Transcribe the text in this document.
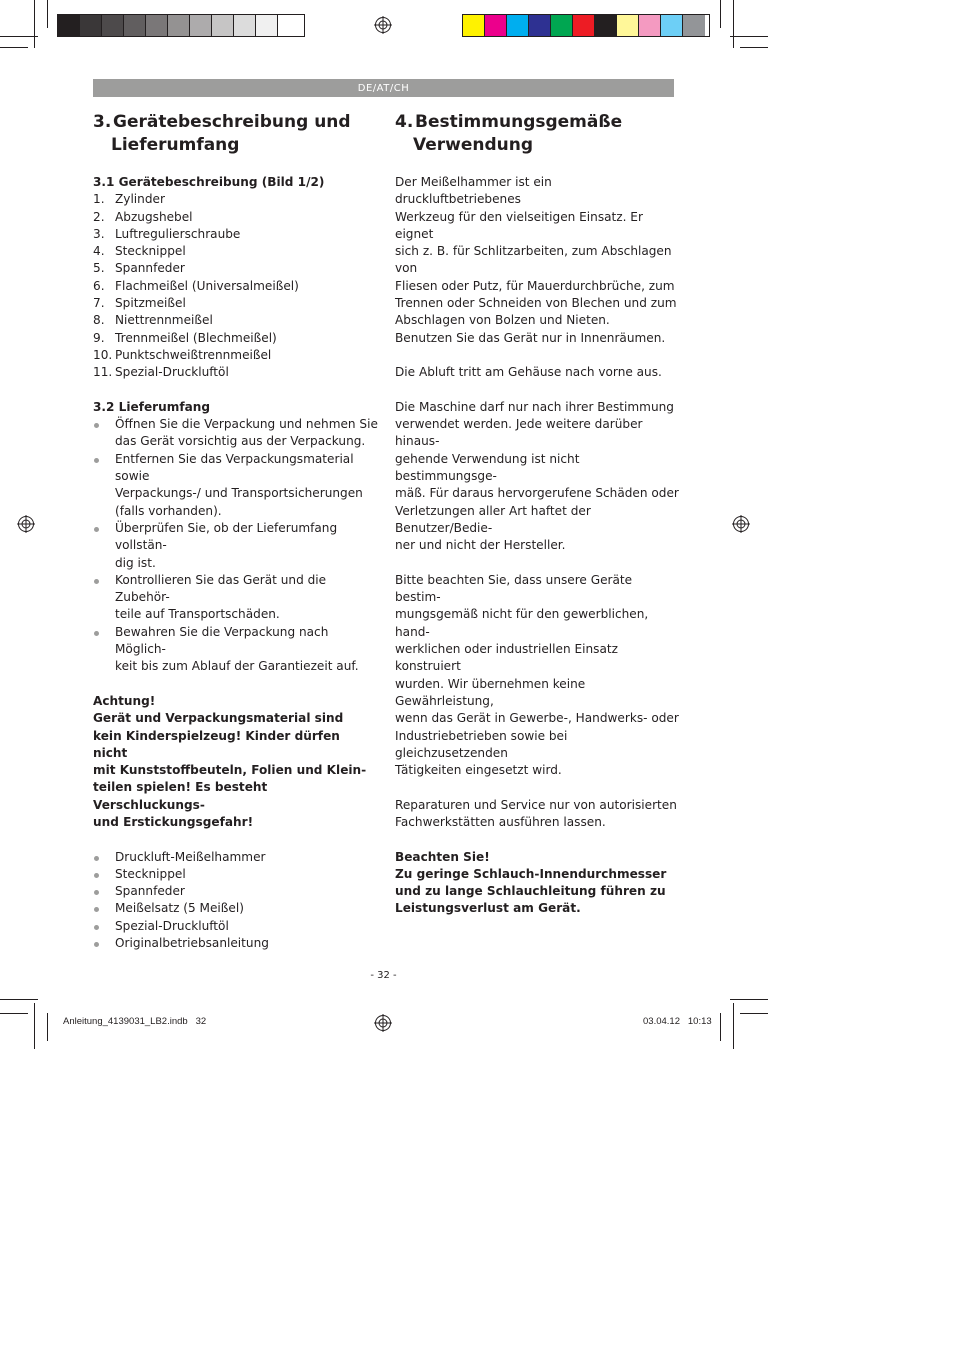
DE/AT/CH
3. Gerätebeschreibung und
Lieferumfang

3.1 Gerätebeschreibung (Bild 1/2)

1. Zylinder
2. Abzugshebel
3. Luftregulierschraube
4. Stecknippel
5. Spannfeder
6. Flachmeißel (Universalmeißel)
7. Spitzmeißel
8. Niettrennmeißel
9. Trennmeißel (Blechmeißel)
10. Punktschweißtrennmeißel
11. Spezial-Druckluftöl

3.2 Lieferumfang

Öffnen Sie die Verpackung und nehmen Sie
das Gerät vorsichtig aus der Verpackung.
Entfernen Sie das Verpackungsmaterial sowie
Verpackungs-/ und Transportsicherungen
(falls vorhanden).
Überprüfen Sie, ob der Lieferumfang vollstän-
dig ist.
Kontrollieren Sie das Gerät und die Zubehör-
teile auf Transportschäden.
Bewahren Sie die Verpackung nach Möglich-
keit bis zum Ablauf der Garantiezeit auf.

Achtung!
Gerät und Verpackungsmaterial sind
kein Kinderspielzeug! Kinder dürfen nicht
mit Kunststoffbeuteln, Folien und Klein-
teilen spielen! Es besteht Verschluckungs-
und Erstickungsgefahr!

Druckluft-Meißelhammer
Stecknippel
Spannfeder
Meißelsatz (5 Meißel)
Spezial-Druckluftöl
Originalbetriebsanleitung
4. Bestimmungsgemäße
Verwendung
Der Meißelhammer ist ein druckluftbetriebenes
Werkzeug für den vielseitigen Einsatz. Er eignet
sich z. B. für Schlitzarbeiten, zum Abschlagen von
Fliesen oder Putz, für Mauerdurchbrüche, zum
Trennen oder Schneiden von Blechen und zum
Abschlagen von Bolzen und Nieten.
Benutzen Sie das Gerät nur in Innenräumen.
Die Abluft tritt am Gehäuse nach vorne aus.
Die Maschine darf nur nach ihrer Bestimmung
verwendet werden. Jede weitere darüber hinaus-
gehende Verwendung ist nicht bestimmungsge-
mäß. Für daraus hervorgerufene Schäden oder
Verletzungen aller Art haftet der Benutzer/Bedie-
ner und nicht der Hersteller.
Bitte beachten Sie, dass unsere Geräte bestim-
mungsgemäß nicht für den gewerblichen, hand-
werklichen oder industriellen Einsatz konstruiert
wurden. Wir übernehmen keine Gewährleistung,
wenn das Gerät in Gewerbe-, Handwerks- oder
Industriebetrieben sowie bei gleichzusetzenden
Tätigkeiten eingesetzt wird.
Reparaturen und Service nur von autorisierten
Fachwerkstätten ausführen lassen.
Beachten Sie!
Zu geringe Schlauch-Innendurchmesser
und zu lange Schlauchleitung führen zu
Leistungsverlust am Gerät.
- 32 -
Anleitung_4139031_LB2.indb   32	03.04.12   10:13
